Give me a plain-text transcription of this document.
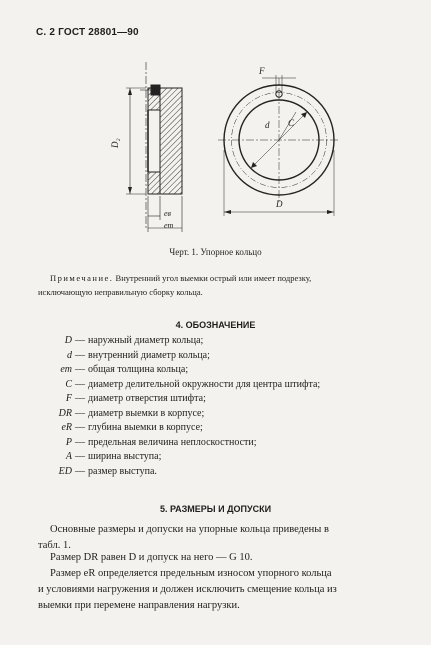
С. 2 ГОСТ 28801—90
D₂
eв
eт
F
d C
D
Черт. 1. Упорное кольцо
Примечание. Внутренний угол выемки острый или имеет подрезку,
исключающую неправильную сборку кольца.
4. ОБОЗНАЧЕНИЕ
D — наружный диаметр кольца;
d — внутренний диаметр кольца;
eт — общая толщина кольца;
C — диаметр делительной окружности для центра штифта;
F — диаметр отверстия штифта;
DR — диаметр выемки в корпусе;
eR — глубина выемки в корпусе;
P — предельная величина неплоскостности;
A — ширина выступа;
ED — размер выступа.
5. РАЗМЕРЫ И ДОПУСКИ
Основные размеры и допуски на упорные кольца приведены в
табл. 1.
Размер DR равен D и допуск на него — G 10.
Размер eR определяется предельным износом упорного кольца
и условиями нагружения и должен исключить смещение кольца из
выемки при перемене направления нагрузки.
